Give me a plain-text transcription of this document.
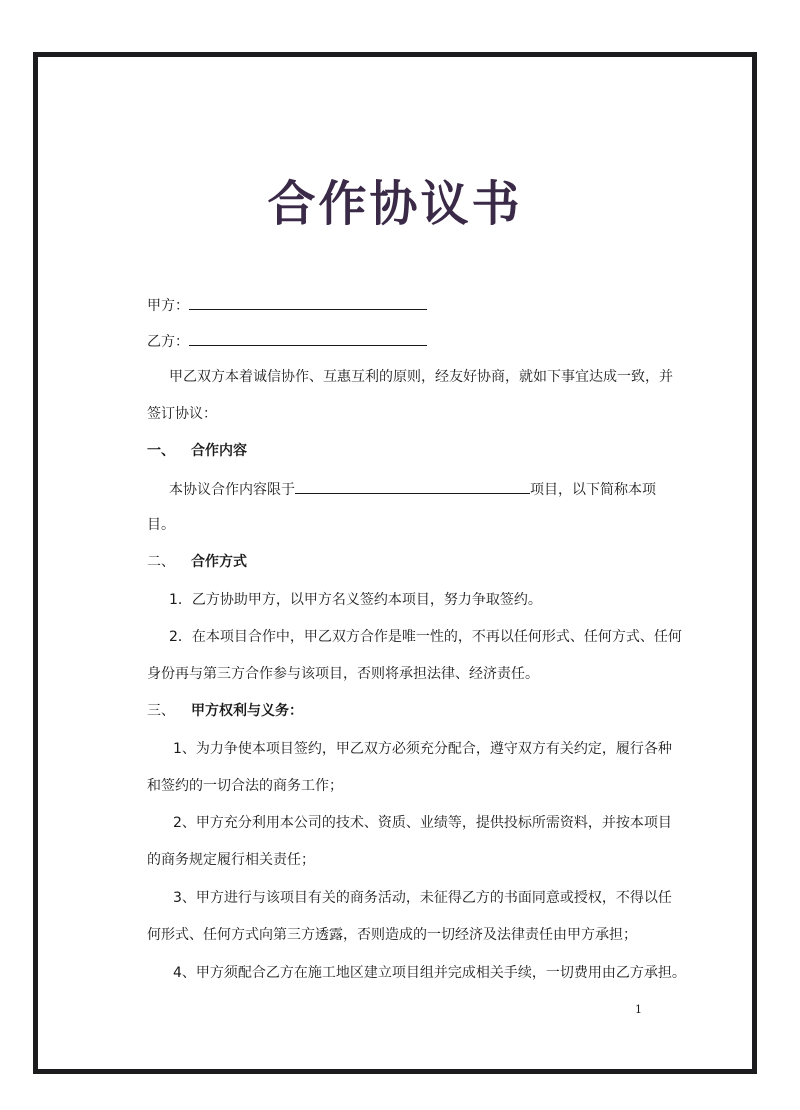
合作协议书
甲方：
乙方：
甲乙双方本着诚信协作、互惠互利的原则，经友好协商，就如下事宜达成一致，并
签订协议：
一、 合作内容
本协议合作内容限于	项目，以下简称本项
目。
二、 合作方式
1．乙方协助甲方，以甲方名义签约本项目，努力争取签约。
2．在本项目合作中，甲乙双方合作是唯一性的，不再以任何形式、任何方式、任何
身份再与第三方合作参与该项目，否则将承担法律、经济责任。
三、 甲方权利与义务：
1、为力争使本项目签约，甲乙双方必须充分配合，遵守双方有关约定，履行各种
和签约的一切合法的商务工作；
2、甲方充分利用本公司的技术、资质、业绩等，提供投标所需资料，并按本项目
的商务规定履行相关责任；
3、甲方进行与该项目有关的商务活动，未征得乙方的书面同意或授权，不得以任
何形式、任何方式向第三方透露，否则造成的一切经济及法律责任由甲方承担；
4、甲方须配合乙方在施工地区建立项目组并完成相关手续，一切费用由乙方承担。
1
